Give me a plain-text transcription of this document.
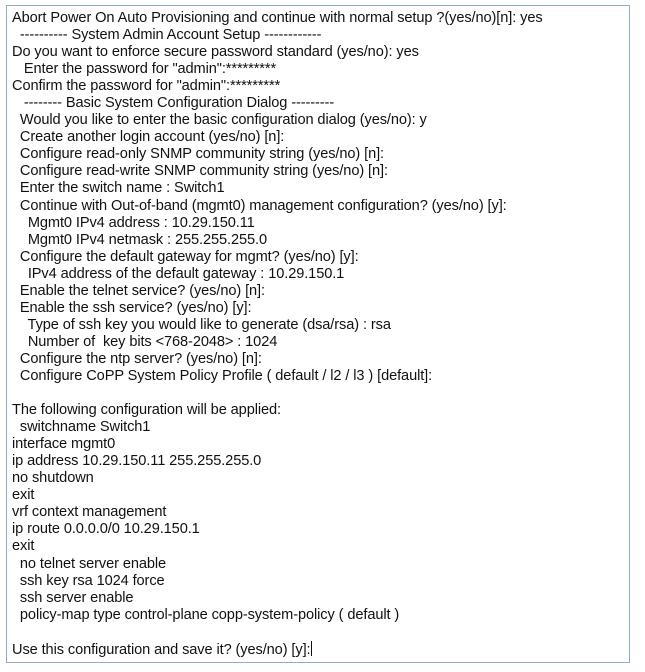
Abort Power On Auto Provisioning and continue with normal setup ?(yes/no)[n]: yes
---------- System Admin Account Setup ------------
Do you want to enforce secure password standard (yes/no): yes
Enter the password for "admin":*********
Confirm the password for "admin":*********
-------- Basic System Configuration Dialog ---------
Would you like to enter the basic configuration dialog (yes/no): y
Create another login account (yes/no) [n]:
Configure read-only SNMP community string (yes/no) [n]:
Configure read-write SNMP community string (yes/no) [n]:
Enter the switch name : Switch1
Continue with Out-of-band (mgmt0) management configuration? (yes/no) [y]:
Mgmt0 IPv4 address : 10.29.150.11
Mgmt0 IPv4 netmask : 255.255.255.0
Configure the default gateway for mgmt? (yes/no) [y]:
IPv4 address of the default gateway : 10.29.150.1
Enable the telnet service? (yes/no) [n]:
Enable the ssh service? (yes/no) [y]:
Type of ssh key you would like to generate (dsa/rsa) : rsa
Number of  key bits <768-2048> : 1024
Configure the ntp server? (yes/no) [n]:
Configure CoPP System Policy Profile ( default / l2 / l3 ) [default]:
The following configuration will be applied:
switchname Switch1
interface mgmt0
ip address 10.29.150.11 255.255.255.0
no shutdown
exit
vrf context management
ip route 0.0.0.0/0 10.29.150.1
exit
no telnet server enable
ssh key rsa 1024 force
ssh server enable
policy-map type control-plane copp-system-policy ( default )
Use this configuration and save it? (yes/no) [y]:
